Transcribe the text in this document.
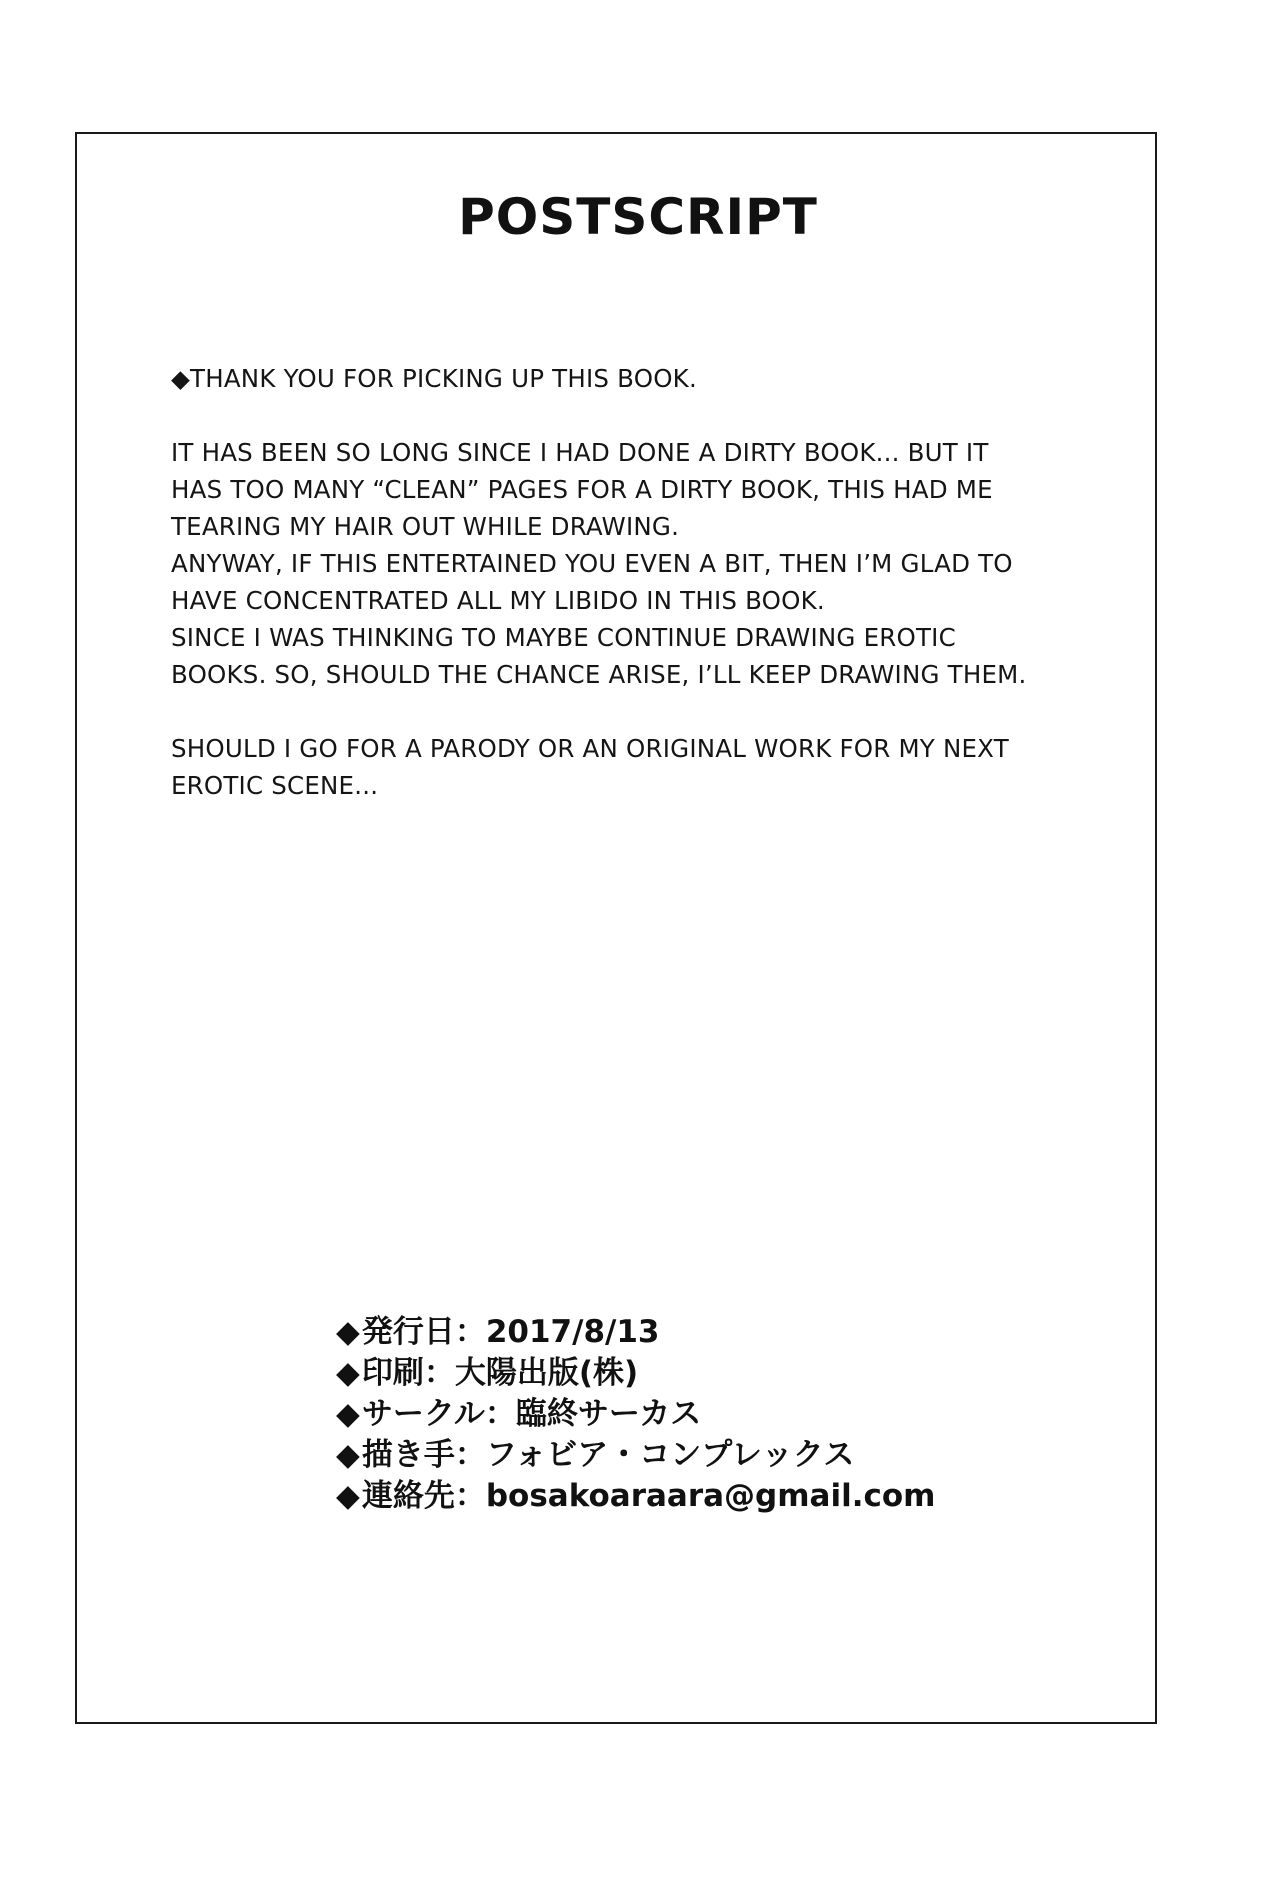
POSTSCRIPT
◆THANK YOU FOR PICKING UP THIS BOOK.
IT HAS BEEN SO LONG SINCE I HAD DONE A DIRTY BOOK... BUT IT
HAS TOO MANY “CLEAN” PAGES FOR A DIRTY BOOK, THIS HAD ME
TEARING MY HAIR OUT WHILE DRAWING.
ANYWAY, IF THIS ENTERTAINED YOU EVEN A BIT, THEN I’M GLAD TO
HAVE CONCENTRATED ALL MY LIBIDO IN THIS BOOK.
SINCE I WAS THINKING TO MAYBE CONTINUE DRAWING EROTIC
BOOKS. SO, SHOULD THE CHANCE ARISE, I’LL KEEP DRAWING THEM.
SHOULD I GO FOR A PARODY OR AN ORIGINAL WORK FOR MY NEXT
EROTIC SCENE...
◆発行日：2017/8/13
◆印刷：大陽出版(株)
◆サークル：臨終サーカス
◆描き手：フォビア・コンプレックス
◆連絡先：bosakoaraara@gmail.com
